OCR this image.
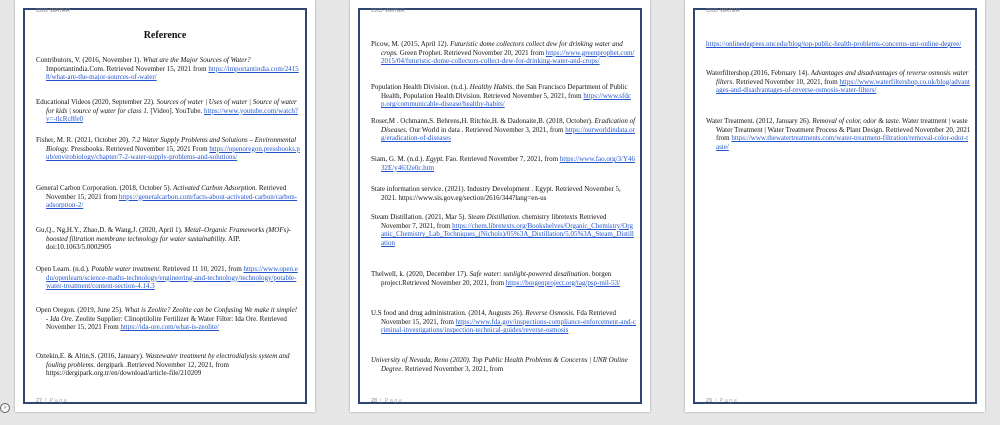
CKD WATER
Reference
Contributors, V. (2016, November 1). What are the Major Sources of Water? Importantindia.Com. Retrieved November 15, 2021 from https://importantindia.com/24158/what-are-the-major-sources-of-water/
Educational Videos (2020, September 22). Sources of water | Uses of water | Source of water for kids | source of water for class 1. [Video]. YouTube. https://www.youtube.com/watch?v=-tlcRc8fe0
Fisher, M. R. (2021, October 20). 7.2 Water Supply Problems and Solutions – Environmental Biology. Pressbooks. Retrieved November 15, 2021 From https://openoregon.pressbooks.pub/envirobiology/chapter/7-2-water-supply-problems-and-solutions/
General Carbon Corporation. (2018, October 5). Activated Carbon Adsorption. Retrieved November 15, 2021 from https://generalcarbon.com/facts-about-activated-carbon/carbon- adsorption-2/
Gu,Q., Ng,H.Y., Zhao,D. & Wang,J. (2020, April 1). Metal–Organic Frameworks (MOFs)-boosted filtration membrane technology for water sustainability. AIP. doi:10.1063/5.0002905
Open Learn. (n.d.). Potable water treatment. Retrieved 11 10, 2021, from https://www.open.edu/openlearn/science-maths-technology/engineering-and-technology/technology/potable-water-treatment/content-section-4.14.3
Open Oregon. (2019, June 25). What is Zeolite? Zeolite can be Confusing We make it simple! - Ida Ore. Zeolite Supplier: Clinoptilolite Fertilizer & Water Filter: Ida Ore. Retrieved November 15, 2021 From https://ida-ore.com/what-is-zeolite/
Oztekin,E. & Altin,S. (2016, January). Wastewater treatment by electrodialysis system and fouling problems. dergipark .Retrieved November 12, 2021, from https://dergipark.org.tr/en/download/article-file/210209
27 | Page
CKD WATER
Picow, M. (2015, April 12). Futuristic dome collectors collect dew for drinking water and crops. Green Prophet. Retrieved November 20, 2021 from https://www.greenprophet.com/2015/04/futuristic-dome-collectors-collect-dew-for-drinking-water-and-crops/
Population Health Division. (n.d.). Healthy Habits. the San Francisco Department of Public Health, Population Health Division. Retrieved November 5, 2021, from https://www.sfdcp.org/communicable-disease/healthy-habits/
Roser,M . Ochmann,S. Behrens,H. Ritchie,H. & Dadonaite,B. (2018, October). Eradication of Diseases. Our World in data . Retrieved November 3, 2021, from https://ourworldindata.org/eradication-of-diseases
Siam, G. M. (n.d.). Egypt. Fao. Retrieved November 7, 2021, from https://www.fao.org/3/Y4632E/y4632e0c.htm
State information service. (2021). Industry Development . Egypt. Retrieved November 5, 2021. https://www.sis.gov.eg/section/2616/344?lang=en-us
Steam Distillation. (2021, Mar 5). Steam Distillation. chemistry libretexts Retrieved November 7, 2021, from https://chem.libretexts.org/Bookshelves/Organic_Chemistry/Organic_Chemistry_Lab_Techniques_(Nichols)/05%3A_Distillation/5.05%3A_Steam_Distillation
Thelwell, k. (2020, December 17). Safe water: sunlight-powered desalination. borgen project.Retrieved November 20, 2021, from https://borgenproject.org/tag/psp-mil-53/
U.S food and drug administration. (2014, Augusts 26). Reverse Osmosis. Fda Retrieved November 15, 2021, from https://www.fda.gov/inspections-compliance-enforcement-and-criminal-investigations/inspection-technical-guides/reverse-osmosis
University of Nevada, Reno (2020). Top Public Health Problems & Concerns | UNR Online Degree. Retrieved November 3, 2021, from
28 | Page
CKD WATER
https://onlinedegrees.unr.edu/blog/top-public-health-problems-concerns-unr-online-degree/
Waterfiltershop.(2016, February 14). Advantages and disadvantages of reverse osmosis water filters. Retrieved November 10, 2021, from https://www.waterfiltershop.co.uk/blog/advantages-and-disadvantages-of-reverse-osmosis-water-filters/
Water Treatment. (2012, January 26). Removal of color, odor & taste. Water treatment | waste Water Treatment | Water Treatment Process & Plant Design. Retrieved November 20, 2021 from https://www.thewatertreatments.com/water-treatment-filtration/removal-color-odor-taste/
29 | Page
›
